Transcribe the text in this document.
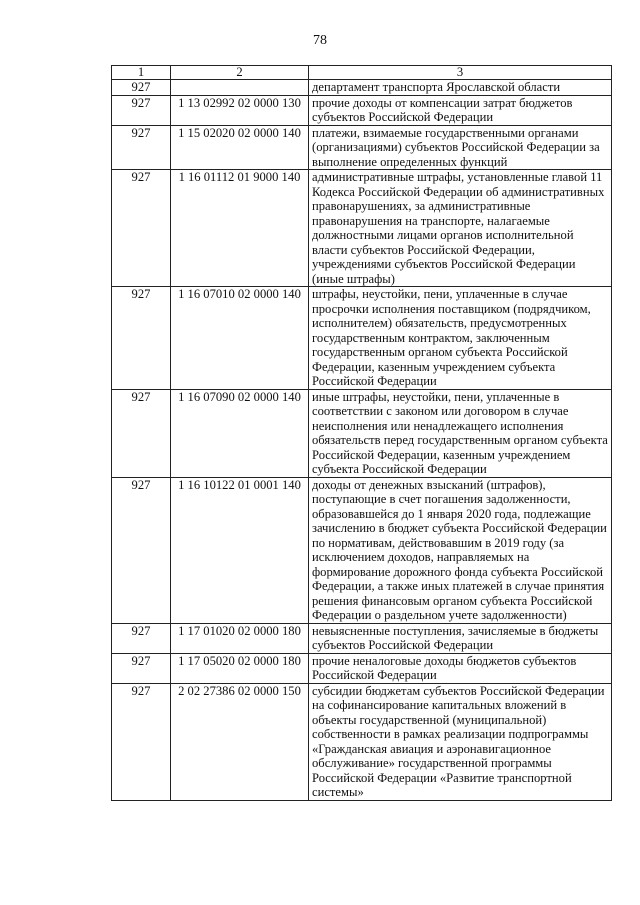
78
1	2	3
927		департамент транспорта Ярославской области
927	1 13 02992 02 0000 130	прочие доходы от компенсации затрат бюджетов субъектов Российской Федерации
927	1 15 02020 02 0000 140	платежи, взимаемые государственными органами (организациями) субъектов Российской Федерации за выполнение определенных функций
927	1 16 01112 01 9000 140	административные штрафы, установленные главой 11 Кодекса Российской Федерации об административных правонарушениях, за административные правонарушения на транспорте, налагаемые должностными лицами органов исполнительной власти субъектов Российской Федерации, учреждениями субъектов Российской Федерации (иные штрафы)
927	1 16 07010 02 0000 140	штрафы, неустойки, пени, уплаченные в случае просрочки исполнения поставщиком (подрядчиком, исполнителем) обязательств, предусмотренных государственным контрактом, заключенным государственным органом субъекта Российской Федерации, казенным учреждением субъекта Российской Федерации
927	1 16 07090 02 0000 140	иные штрафы, неустойки, пени, уплаченные в соответствии с законом или договором в случае неисполнения или ненадлежащего исполнения обязательств перед государственным органом субъекта Российской Федерации, казенным учреждением субъекта Российской Федерации
927	1 16 10122 01 0001 140	доходы от денежных взысканий (штрафов), поступающие в счет погашения задолженности, образовавшейся до 1 января 2020 года, подлежащие зачислению в бюджет субъекта Российской Федерации по нормативам, действовавшим в 2019 году (за исключением доходов, направляемых на формирование дорожного фонда субъекта Российской Федерации, а также иных платежей в случае принятия решения финансовым органом субъекта Российской Федерации о раздельном учете задолженности)
927	1 17 01020 02 0000 180	невыясненные поступления, зачисляемые в бюджеты субъектов Российской Федерации
927	1 17 05020 02 0000 180	прочие неналоговые доходы бюджетов субъектов Российской Федерации
927	2 02 27386 02 0000 150	субсидии бюджетам субъектов Российской Федерации на софинансирование капитальных вложений в объекты государственной (муниципальной) собственности в рамках реализации подпрограммы «Гражданская авиация и аэронавигационное обслуживание» государственной программы Российской Федерации «Развитие транспортной системы»
